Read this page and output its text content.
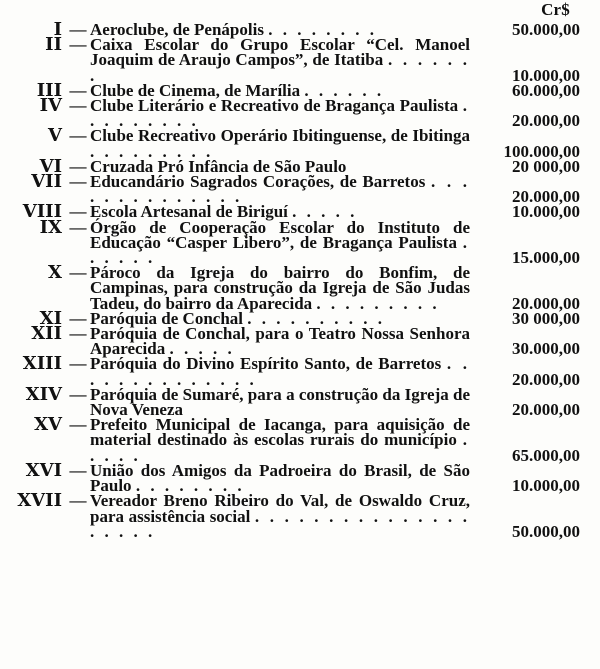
Cr$
I — Aeroclube, de Penápolis . . . . . . . .	50.000,00
II — Caixa Escolar do Grupo Escolar “Cel. Manoel Joaquim de Araujo Campos”, de Itatiba . . . . . . .	10.000,00
III — Clube de Cinema, de Marília . . . . . .	60.000,00
IV — Clube Literário e Recreativo de Bragança Paulista . . . . . . . . .	20.000,00
V — Clube Recreativo Operário Ibitinguense, de Ibitinga . . . . . . . . .	100.000,00
VI — Cruzada Pró Infância de São Paulo	20 000,00
VII — Educandário Sagrados Corações, de Barretos . . . . . . . . . . . . . .	20.000,00
VIII — Escola Artesanal de Biriguí . . . . .	10.000,00
IX — Órgão de Cooperação Escolar do Instituto de Educação “Casper Libero”, de Bragança Paulista . . . . . .	15.000,00
X — Pároco da Igreja do bairro do Bonfim, de Campinas, para construção da Igreja de São Judas Tadeu, do bairro da Aparecida . . . . . . . . .	20.000,00
XI — Paróquia de Conchal . . . . . . . . . .	30 000,00
XII — Paróquia de Conchal, para o Teatro Nossa Senhora Aparecida . . . . .	30.000,00
XIII — Paróquia do Divino Espírito Santo, de Barretos . . . . . . . . . . . . . .	20.000,00
XIV — Paróquia de Sumaré, para a construção da Igreja de Nova Veneza	20.000,00
XV — Prefeito Municipal de Iacanga, para aquisição de material destinado às escolas rurais do município . . . . .	65.000,00
XVI — União dos Amigos da Padroeira do Brasil, de São Paulo . . . . . . . .	10.000,00
XVII — Vereador Breno Ribeiro do Val, de Oswaldo Cruz, para assistência social . . . . . . . . . . . . . . . . . . . .	50.000,00
